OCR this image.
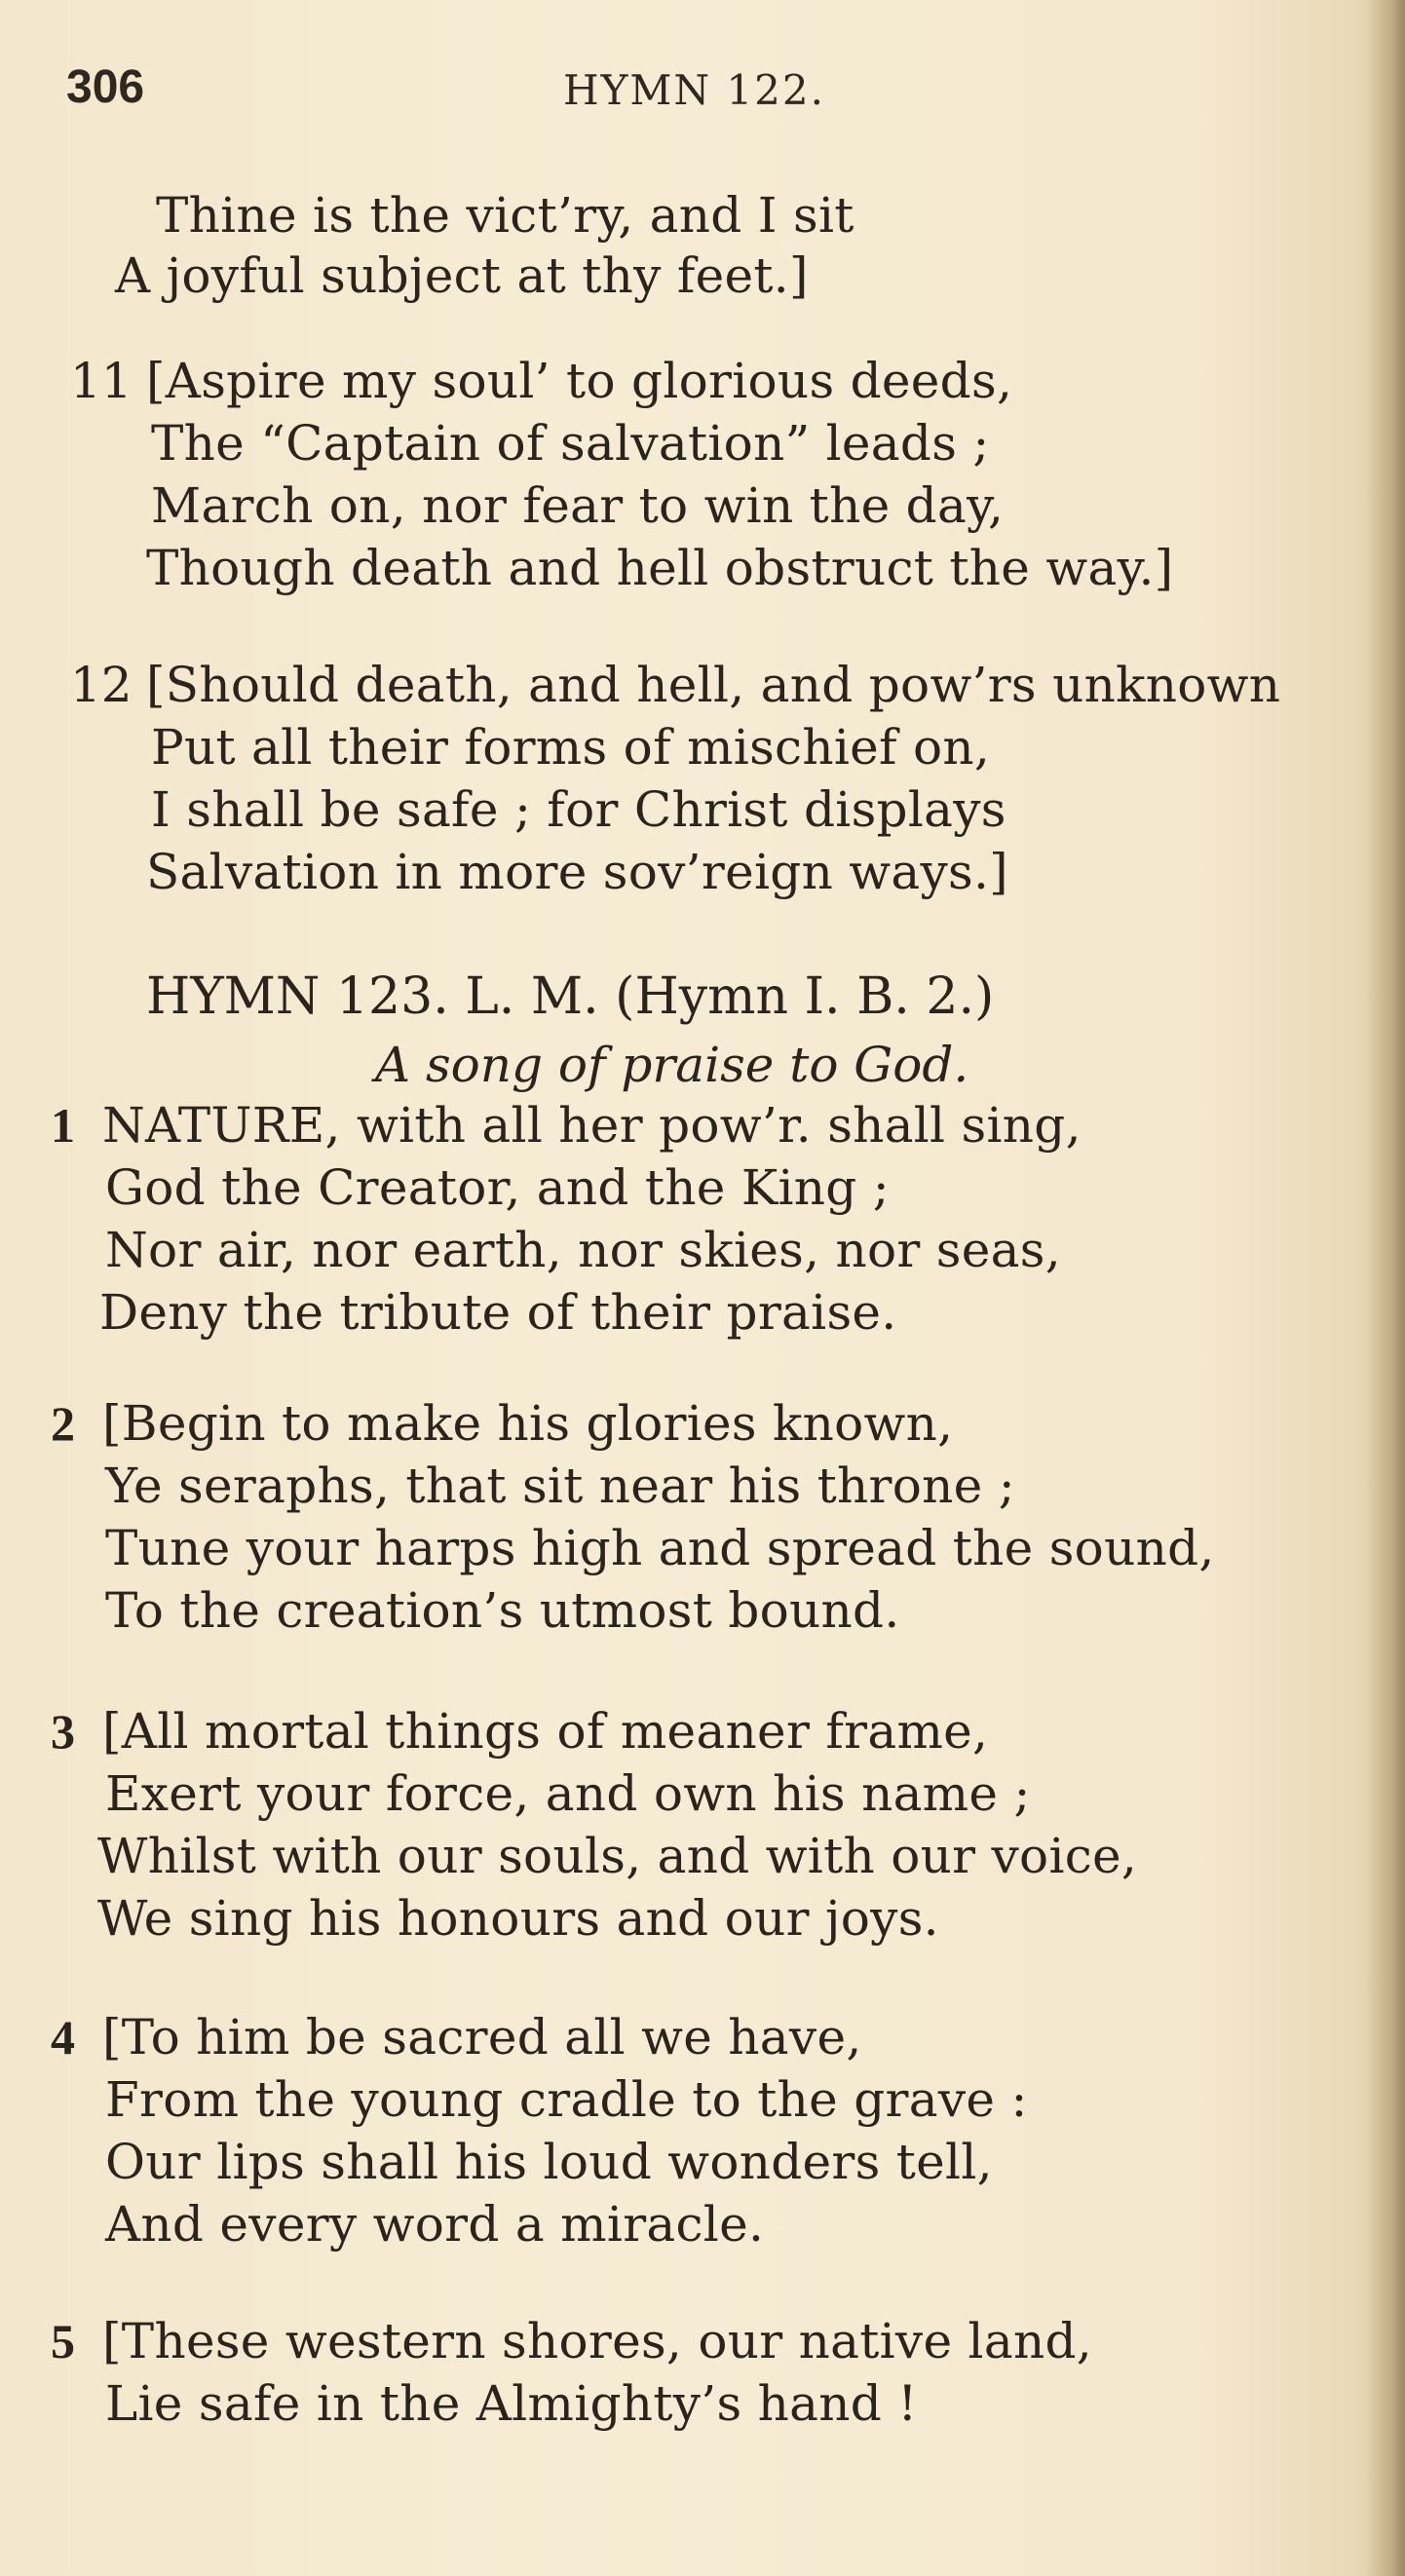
306	HYMN 122.
Thine is the vict’ry, and I sit
A joyful subject at thy feet.]
11 [Aspire my soul’ to glorious deeds,
The “Captain of salvation” leads ;
March on, nor fear to win the day,
Though death and hell obstruct the way.]
12 [Should death, and hell, and pow’rs unknown
Put all their forms of mischief on,
I shall be safe ; for Christ displays
Salvation in more sov’reign ways.]
HYMN 123. L. M. (Hymn I. B. 2.)
A song of praise to God.
1 NATURE, with all her pow’r. shall sing,
God the Creator, and the King ;
Nor air, nor earth, nor skies, nor seas,
Deny the tribute of their praise.
2 [Begin to make his glories known,
Ye seraphs, that sit near his throne ;
Tune your harps high and spread the sound,
To the creation’s utmost bound.
3 [All mortal things of meaner frame,
Exert your force, and own his name ;
Whilst with our souls, and with our voice,
We sing his honours and our joys.
4 [To him be sacred all we have,
From the young cradle to the grave :
Our lips shall his loud wonders tell,
And every word a miracle.
5 [These western shores, our native land,
Lie safe in the Almighty’s hand !
